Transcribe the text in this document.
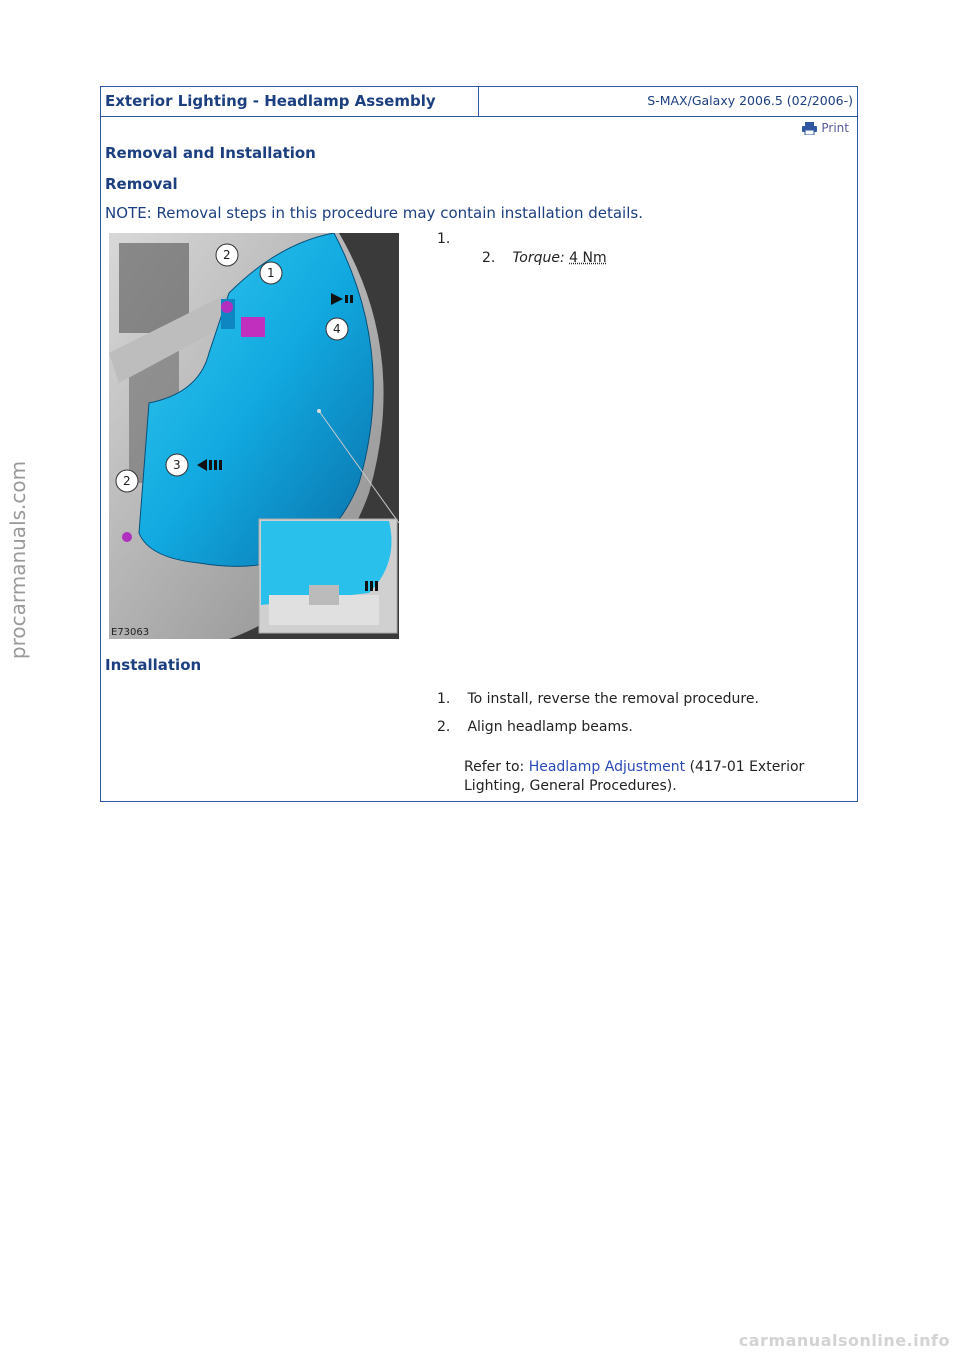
Exterior Lighting - Headlamp Assembly	S-MAX/Galaxy 2006.5 (02/2006-)
Print
Removal and Installation
Removal
NOTE: Removal steps in this procedure may contain installation details.
2
1
4
3
2
E73063
1.
2. Torque: 4 Nm
Installation
1. To install, reverse the removal procedure.
2. Align headlamp beams.
Refer to: Headlamp Adjustment (417-01 Exterior Lighting, General Procedures).
procarmanuals.com
carmanualsonline.info
